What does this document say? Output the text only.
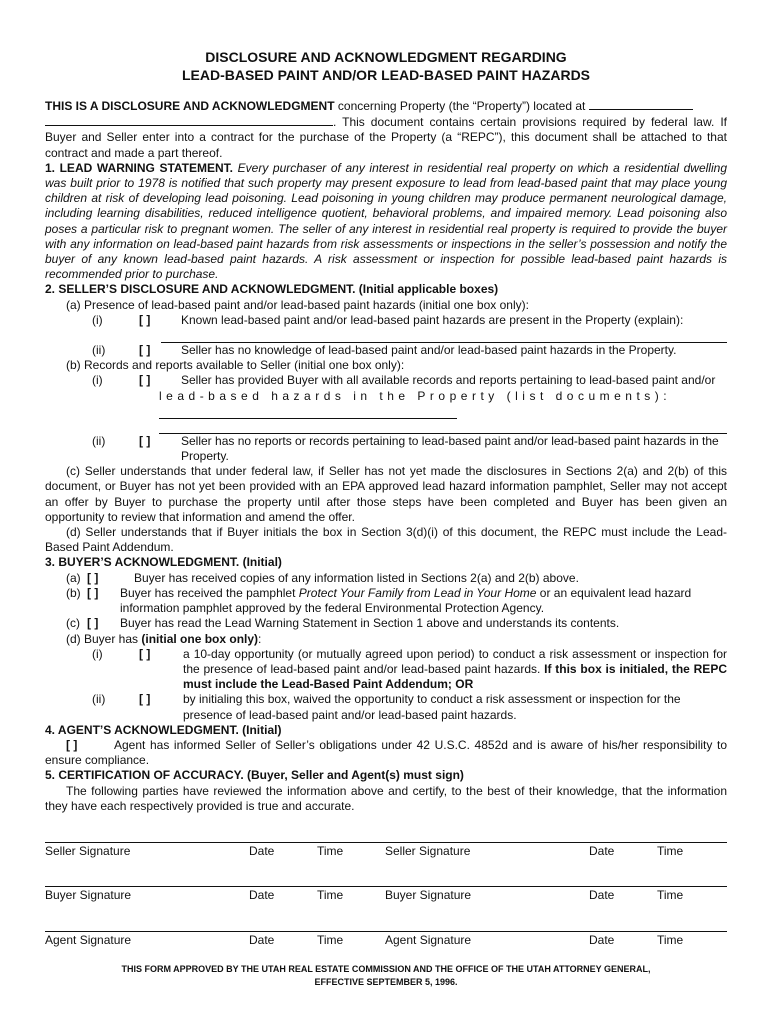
DISCLOSURE AND ACKNOWLEDGMENT REGARDING
LEAD-BASED PAINT AND/OR LEAD-BASED PAINT HAZARDS

THIS IS A DISCLOSURE AND ACKNOWLEDGMENT concerning Property (the “Property”) located at
. This document contains certain provisions required by federal law. If Buyer and Seller enter into a contract for the purchase of the Property (a “REPC”), this document shall be attached to that contract and made a part thereof.

1. LEAD WARNING STATEMENT. Every purchaser of any interest in residential real property on which a residential dwelling was built prior to 1978 is notified that such property may present exposure to lead from lead-based paint that may place young children at risk of developing lead poisoning. Lead poisoning in young children may produce permanent neurological damage, including learning disabilities, reduced intelligence quotient, behavioral problems, and impaired memory. Lead poisoning also poses a particular risk to pregnant women. The seller of any interest in residential real property is required to provide the buyer with any information on lead-based paint hazards from risk assessments or inspections in the seller’s possession and notify the buyer of any known lead-based paint hazards. A risk assessment or inspection for possible lead-based paint hazards is recommended prior to purchase.

2. SELLER’S DISCLOSURE AND ACKNOWLEDGMENT. (Initial applicable boxes)

(a) Presence of lead-based paint and/or lead-based paint hazards (initial one box only):

(i)	[ ]	Known lead-based paint and/or lead-based paint hazards are present in the Property (explain):
(ii)	[ ]	Seller has no knowledge of lead-based paint and/or lead-based paint hazards in the Property.

(b) Records and reports available to Seller (initial one box only):

(i)	[ ]	Seller has provided Buyer with all available records and reports pertaining to lead-based paint and/or

lead-based hazards in the Property (list documents):

(ii)	[ ]	Seller has no reports or records pertaining to lead-based paint and/or lead-based paint hazards in the Property.

(c) Seller understands that under federal law, if Seller has not yet made the disclosures in Sections 2(a) and 2(b) of this document, or Buyer has not yet been provided with an EPA approved lead hazard information pamphlet, Seller may not accept an offer by Buyer to purchase the property until after those steps have been completed and Buyer has been given an opportunity to review that information and amend the offer.

(d) Seller understands that if Buyer initials the box in Section 3(d)(i) of this document, the REPC must include the Lead-Based Paint Addendum.

3. BUYER’S ACKNOWLEDGMENT. (Initial)

(a) [ ]	Buyer has received copies of any information listed in Sections 2(a) and 2(b) above.
(b) [ ]	Buyer has received the pamphlet Protect Your Family from Lead in Your Home or an equivalent lead hazard information pamphlet approved by the federal Environmental Protection Agency.
(c) [ ]	Buyer has read the Lead Warning Statement in Section 1 above and understands its contents.

(d) Buyer has (initial one box only):

(i)	[ ]	a 10-day opportunity (or mutually agreed upon period) to conduct a risk assessment or inspection for the presence of lead-based paint and/or lead-based paint hazards. If this box is initialed, the REPC must include the Lead-Based Paint Addendum; OR
(ii)	[ ]	by initialing this box, waived the opportunity to conduct a risk assessment or inspection for the presence of lead-based paint and/or lead-based paint hazards.

4. AGENT’S ACKNOWLEDGMENT. (Initial)

[ ]	Agent has informed Seller of Seller’s obligations under 42 U.S.C. 4852d and is aware of his/her responsibility to ensure compliance.

5. CERTIFICATION OF ACCURACY. (Buyer, Seller and Agent(s) must sign)

The following parties have reviewed the information above and certify, to the best of their knowledge, that the information they have each respectively provided is true and accurate.

Seller Signature	Date	Time	Seller Signature	Date	Time
Buyer Signature	Date	Time	Buyer Signature	Date	Time
Agent Signature	Date	Time	Agent Signature	Date	Time
THIS FORM APPROVED BY THE UTAH REAL ESTATE COMMISSION AND THE OFFICE OF THE UTAH ATTORNEY GENERAL,
EFFECTIVE SEPTEMBER 5, 1996.
